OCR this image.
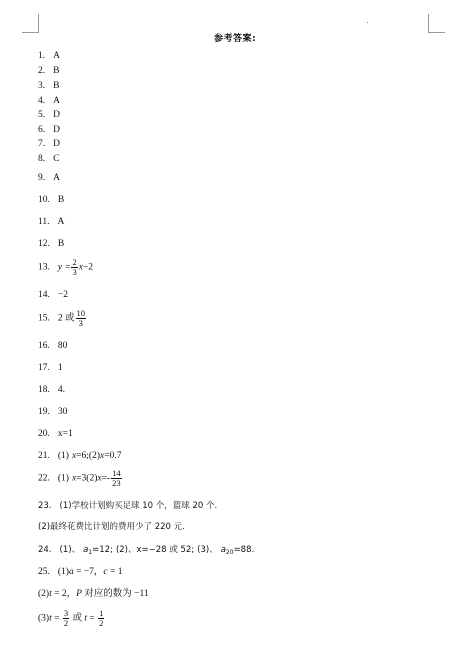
参考答案:
1. A
2. B
3. B
4. A
5. D
6. D
7. D
8. C
9. A
10. B
11. A
12. B
13. $y = \frac{2}{3} x-2$
14. −2
15. 2 或 $\frac{10}{3}$
16. 80
17. 1
18. 4.
19. 30
20. x=1
21. (1) x=6;(2)x=0.7
22. (1) $x=3(2)x=- \frac{14}{23}$
23. (1)学校计划购买足球 10 个，篮球 20 个.
(2)最终花费比计划的费用少了 220 元.
24. (1)、 $a_1=12$; (2)、x=−28 或 52; (3)、 $a_{20}=88$.
25. (1)a = −7，c = 1
(2)t = 2，P 对应的数为 −11
$(3)t = \frac{3}{2}$ 或 $t = \frac{1}{2}$
